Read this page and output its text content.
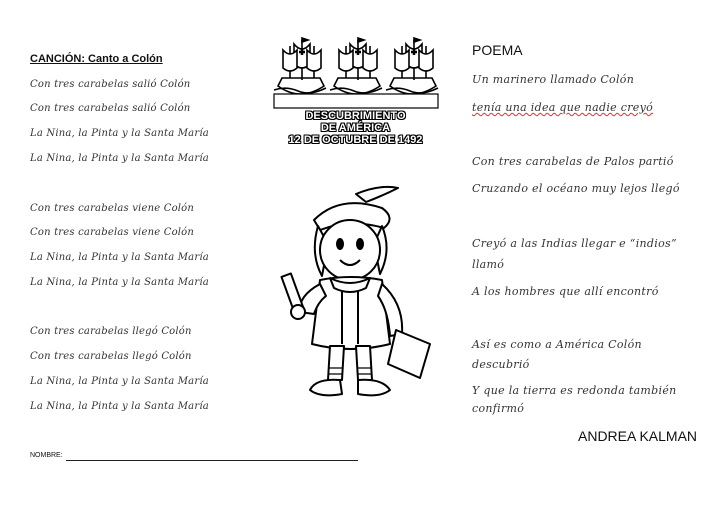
CANCIÓN: Canto a Colón
Con tres carabelas salió Colón
Con tres carabelas salió Colón
La Nina, la Pinta y la Santa María
La Nina, la Pinta y la Santa María
Con tres carabelas viene Colón
Con tres carabelas viene Colón
La Nina, la Pinta y la Santa María
La Nina, la Pinta y la Santa María
Con tres carabelas llegó Colón
Con tres carabelas llegó Colón
La Nina, la Pinta y la Santa María
La Nina, la Pinta y la Santa María
DESCUBRIMIENTO
DE AMÉRICA
12 DE OCTUBRE DE 1492
POEMA
Un marinero llamado Colón
tenía una idea que nadie creyó
Con tres carabelas de Palos partió
Cruzando el océano muy lejos llegó
Creyó a las Indias llegar e “indios”
llamó
A los hombres que allí encontró
Así es como a América Colón
descubrió
Y que la tierra es redonda también
confirmó
ANDREA KALMAN
NOMBRE:
